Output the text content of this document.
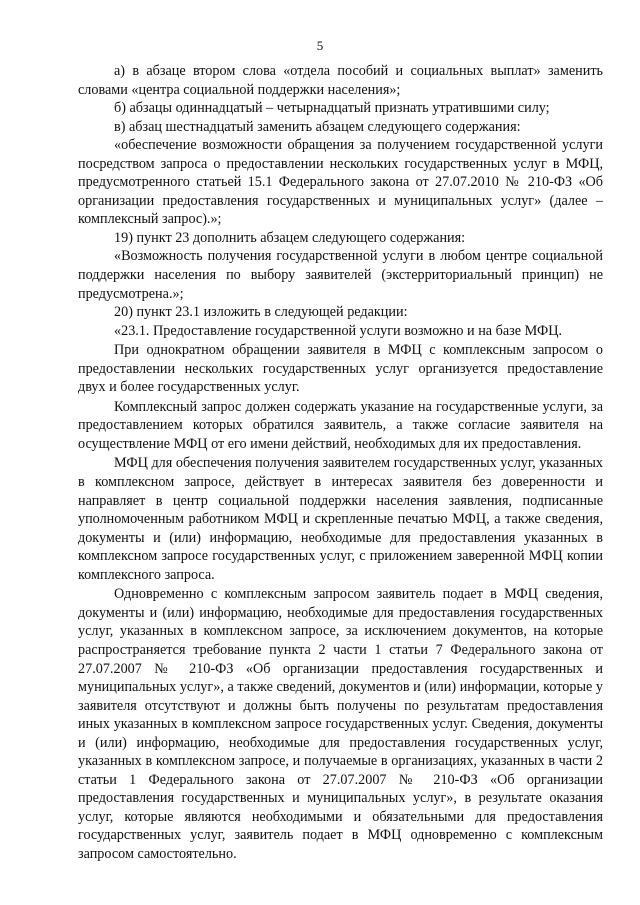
5

а) в абзаце втором слова «отдела пособий и социальных выплат» заменить словами «центра социальной поддержки населения»;

б) абзацы одиннадцатый – четырнадцатый признать утратившими силу;

в) абзац шестнадцатый заменить абзацем следующего содержания:

«обеспечение возможности обращения за получением государственной услуги посредством запроса о предоставлении нескольких государственных услуг в МФЦ, предусмотренного статьей 15.1 Федерального закона от 27.07.2010 № 210-ФЗ «Об организации предоставления государственных и муниципальных услуг» (далее – комплексный запрос).»;

19) пункт 23 дополнить абзацем следующего содержания:

«Возможность получения государственной услуги в любом центре социальной поддержки населения по выбору заявителей (экстерриториальный принцип) не предусмотрена.»;

20) пункт 23.1 изложить в следующей редакции:

«23.1. Предоставление государственной услуги возможно и на базе МФЦ.

При однократном обращении заявителя в МФЦ с комплексным запросом о предоставлении нескольких государственных услуг организуется предоставление двух и более государственных услуг.

Комплексный запрос должен содержать указание на государственные услуги, за предоставлением которых обратился заявитель, а также согласие заявителя на осуществление МФЦ от его имени действий, необходимых для их предоставления.

МФЦ для обеспечения получения заявителем государственных услуг, указанных в комплексном запросе, действует в интересах заявителя без доверенности и направляет в центр социальной поддержки населения заявления, подписанные уполномоченным работником МФЦ и скрепленные печатью МФЦ, а также сведения, документы и (или) информацию, необходимые для предоставления указанных в комплексном запросе государственных услуг, с приложением заверенной МФЦ копии комплексного запроса.

Одновременно с комплексным запросом заявитель подает в МФЦ сведения, документы и (или) информацию, необходимые для предоставления государственных услуг, указанных в комплексном запросе, за исключением документов, на которые распространяется требование пункта 2 части 1 статьи 7 Федерального закона от 27.07.2007 № 210-ФЗ «Об организации предоставления государственных и муниципальных услуг», а также сведений, документов и (или) информации, которые у заявителя отсутствуют и должны быть получены по результатам предоставления иных указанных в комплексном запросе государственных услуг. Сведения, документы и (или) информацию, необходимые для предоставления государственных услуг, указанных в комплексном запросе, и получаемые в организациях, указанных в части 2 статьи 1 Федерального закона от 27.07.2007 № 210-ФЗ «Об организации предоставления государственных и муниципальных услуг», в результате оказания услуг, которые являются необходимыми и обязательными для предоставления государственных услуг, заявитель подает в МФЦ одновременно с комплексным запросом самостоятельно.
